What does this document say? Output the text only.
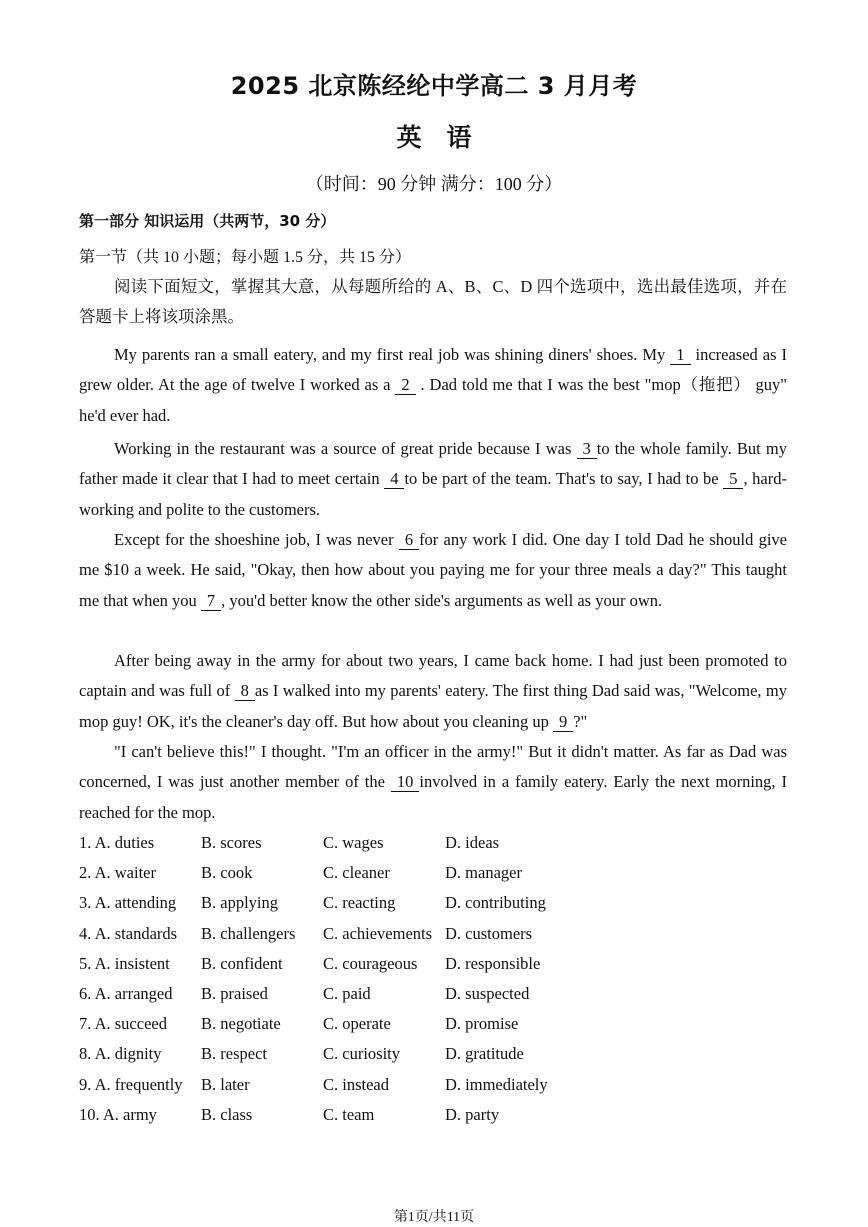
2025 北京陈经纶中学高二 3 月月考
英　语
（时间：90 分钟 满分：100 分）
第一部分 知识运用（共两节，30 分）
第一节（共 10 小题；每小题 1.5 分，共 15 分）

阅读下面短文，掌握其大意，从每题所给的 A、B、C、D 四个选项中，选出最佳选项，并在答题卡上将该项涂黑。

My parents ran a small eatery, and my first real job was shining diners' shoes. My 1 increased as I grew older. At the age of twelve I worked as a 2 . Dad told me that I was the best "mop（拖把） guy" he'd ever had.

Working in the restaurant was a source of great pride because I was 3 to the whole family. But my father made it clear that I had to meet certain 4 to be part of the team. That's to say, I had to be 5 , hard-working and polite to the customers.

Except for the shoeshine job, I was never 6 for any work I did. One day I told Dad he should give me $10 a week. He said, "Okay, then how about you paying me for your three meals a day?" This taught me that when you 7 , you'd better know the other side's arguments as well as your own.

After being away in the army for about two years, I came back home. I had just been promoted to captain and was full of 8 as I walked into my parents' eatery. The first thing Dad said was, "Welcome, my mop guy! OK, it's the cleaner's day off. But how about you cleaning up 9 ?"

"I can't believe this!" I thought. "I'm an officer in the army!" But it didn't matter. As far as Dad was concerned, I was just another member of the 10 involved in a family eatery. Early the next morning, I reached for the mop.

1. A. duties	B. scores	C. wages	D. ideas
2. A. waiter	B. cook	C. cleaner	D. manager
3. A. attending	B. applying	C. reacting	D. contributing
4. A. standards	B. challengers	C. achievements D. customers
5. A. insistent	B. confident	C. courageous	D. responsible
6. A. arranged	B. praised	C. paid	D. suspected
7. A. succeed	B. negotiate	C. operate	D. promise
8. A. dignity	B. respect	C. curiosity	D. gratitude
9. A. frequently	B. later	C. instead	D. immediately
10. A. army	B. class	C. team	D. party
第1页/共11页
